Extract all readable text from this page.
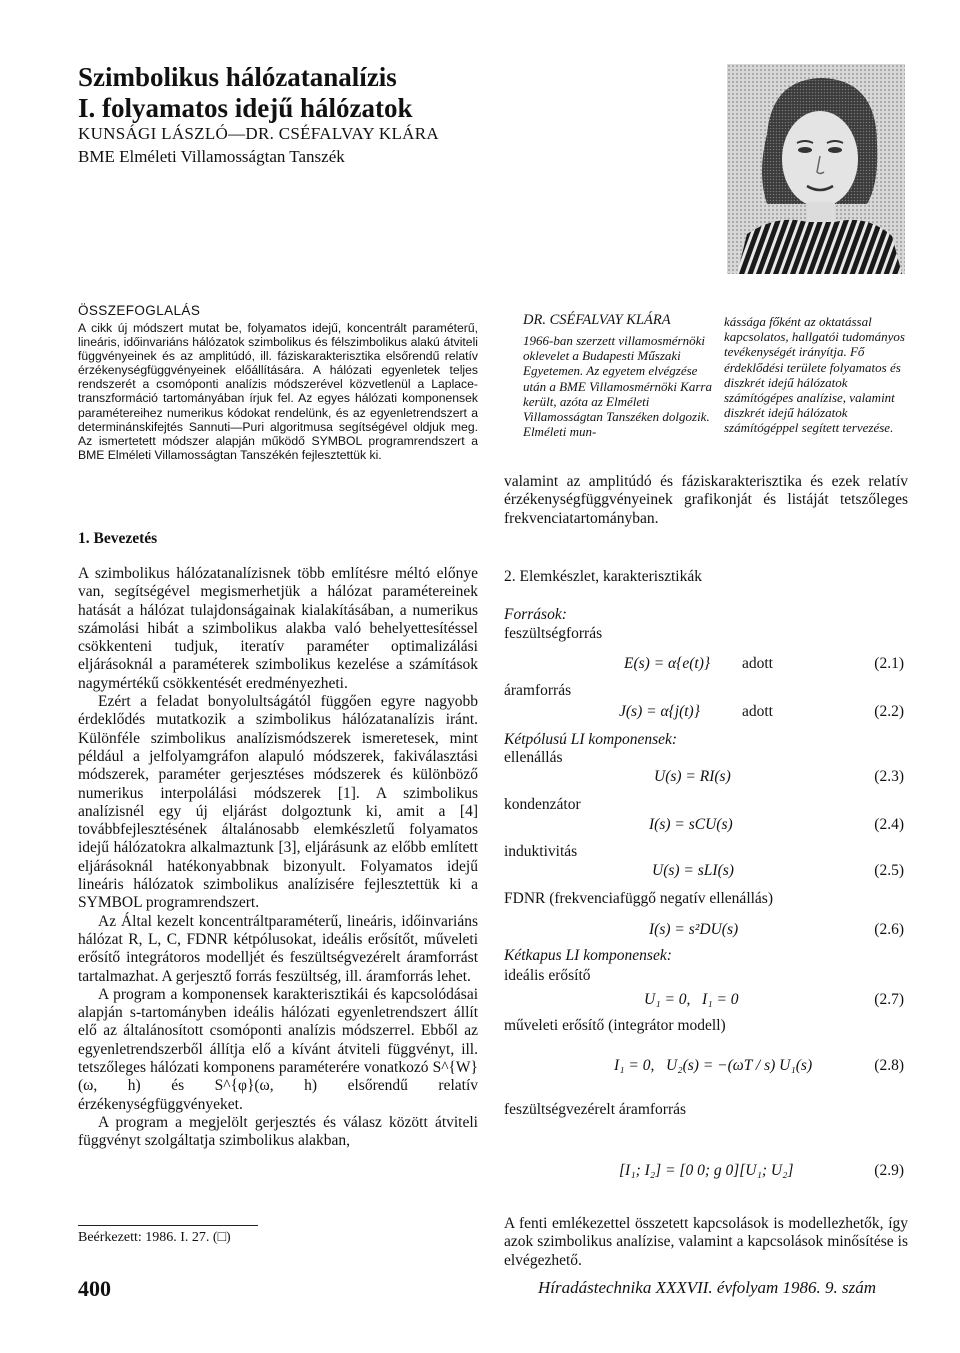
Szimbolikus hálózatanalízis
I. folyamatos idejű hálózatok
KUNSÁGI LÁSZLÓ—DR. CSÉFALVAY KLÁRA
BME Elméleti Villamosságtan Tanszék
ÖSSZEFOGLALÁS
A cikk új módszert mutat be, folyamatos idejű, koncentrált paraméterű, lineáris, időinvariáns hálózatok szimbolikus és félszimbolikus alakú átviteli függvényeinek és az amplitúdó, ill. fáziskarakterisztika elsőrendű relatív érzékenységfüggvényeinek előállítására. A hálózati egyenletek teljes rendszerét a csomóponti analízis módszerével közvetlenül a Laplace-transzformáció tartományában írjuk fel. Az egyes hálózati komponensek paramétereihez numerikus kódokat rendelünk, és az egyenletrendszert a determinánskifejtés Sannuti—Puri algoritmusa segítségével oldjuk meg. Az ismertetett módszer alapján működő SYMBOL programrendszert a BME Elméleti Villamosságtan Tanszékén fejlesztettük ki.
DR. CSÉFALVAY KLÁRA
1966-ban szerzett villamosmérnöki oklevelet a Budapesti Műszaki Egyetemen. Az egyetem elvégzése után a BME Villamosmérnöki Karra került, azóta az Elméleti Villamosságtan Tanszéken dolgozik. Elméleti mun-
kássága főként az oktatással kapcsolatos, hallgatói tudományos tevékenységét irányítja. Fő érdeklődési területe folyamatos és diszkrét idejű hálózatok számítógépes analízise, valamint diszkrét idejű hálózatok számítógéppel segített tervezése.
valamint az amplitúdó és fáziskarakterisztika és ezek relatív érzékenységfüggvényeinek grafikonját és listáját tetszőleges frekvenciatartományban.
1. Bevezetés

A szimbolikus hálózatanalízisnek több említésre méltó előnye van, segítségével megismerhetjük a hálózat paramétereinek hatását a hálózat tulajdonságainak kialakításában, a numerikus számolási hibát a szimbolikus alakba való behelyettesítéssel csökkenteni tudjuk, iteratív paraméter optimalizálási eljárásoknál a paraméterek szimbolikus kezelése a számítások nagymértékű csökkentését eredményezheti.

Ezért a feladat bonyolultságától függően egyre nagyobb érdeklődés mutatkozik a szimbolikus hálózatanalízis iránt. Különféle szimbolikus analízismódszerek ismeretesek, mint például a jelfolyamgráfon alapuló módszerek, fakiválasztási módszerek, paraméter gerjesztéses módszerek és különböző numerikus interpolálási módszerek [1]. A szimbolikus analízisnél egy új eljárást dolgoztunk ki, amit a [4] továbbfejlesztésének általánosabb elemkészletű folyamatos idejű hálózatokra alkalmaztunk [3], eljárásunk az előbb említett eljárásoknál hatékonyabbnak bizonyult. Folyamatos idejű lineáris hálózatok szimbolikus analízisére fejlesztettük ki a SYMBOL programrendszert.

Az Által kezelt koncentráltparaméterű, lineáris, időinvariáns hálózat R, L, C, FDNR kétpólusokat, ideális erősítőt, műveleti erősítő integrátoros modelljét és feszültségvezérelt áramforrást tartalmazhat. A gerjesztő forrás feszültség, ill. áramforrás lehet.

A program a komponensek karakterisztikái és kapcsolódásai alapján s-tartományben ideális hálózati egyenletrendszert állít elő az általánosított csomóponti analízis módszerrel. Ebből az egyenletrendszerből állítja elő a kívánt átviteli függvényt, ill. tetszőleges hálózati komponens paraméterére vonatkozó S^{W}(ω, h) és S^{φ}(ω, h) elsőrendű relatív érzékenységfüggvényeket.

A program a megjelölt gerjesztés és válasz között átviteli függvényt szolgáltatja szimbolikus alakban,

Beérkezett: 1986. I. 27. (□)
2. Elemkészlet, karakterisztikák
Források:
feszültségforrás
E(s) = α{e(t)} adott	(2.1)
áramforrás
J(s) = α{j(t)}	adott	(2.2)
Kétpólusú LI komponensek:
ellenállás
U(s) = RI(s)	(2.3)
kondenzátor
I(s) = sCU(s)	(2.4)
induktivitás
U(s) = sLI(s)	(2.5)
FDNR (frekvenciafüggő negatív ellenállás)
I(s) = s²DU(s)	(2.6)
Kétkapus LI komponensek:
ideális erősítő
U₁ = 0,   I₁ = 0	(2.7)
műveleti erősítő (integrátor modell)
I₁ = 0,   U₂(s) = −(ωT / s) U₁(s)	(2.8)
feszültségvezérelt áramforrás
[I₁; I₂] = [0 0; g 0][U₁; U₂]	(2.9)
A fenti emlékezettel összetett kapcsolások is modellezhetők, így azok szimbolikus analízise, valamint a kapcsolások minősítése is elvégezhető.
400	Híradástechnika XXXVII. évfolyam 1986. 9. szám
